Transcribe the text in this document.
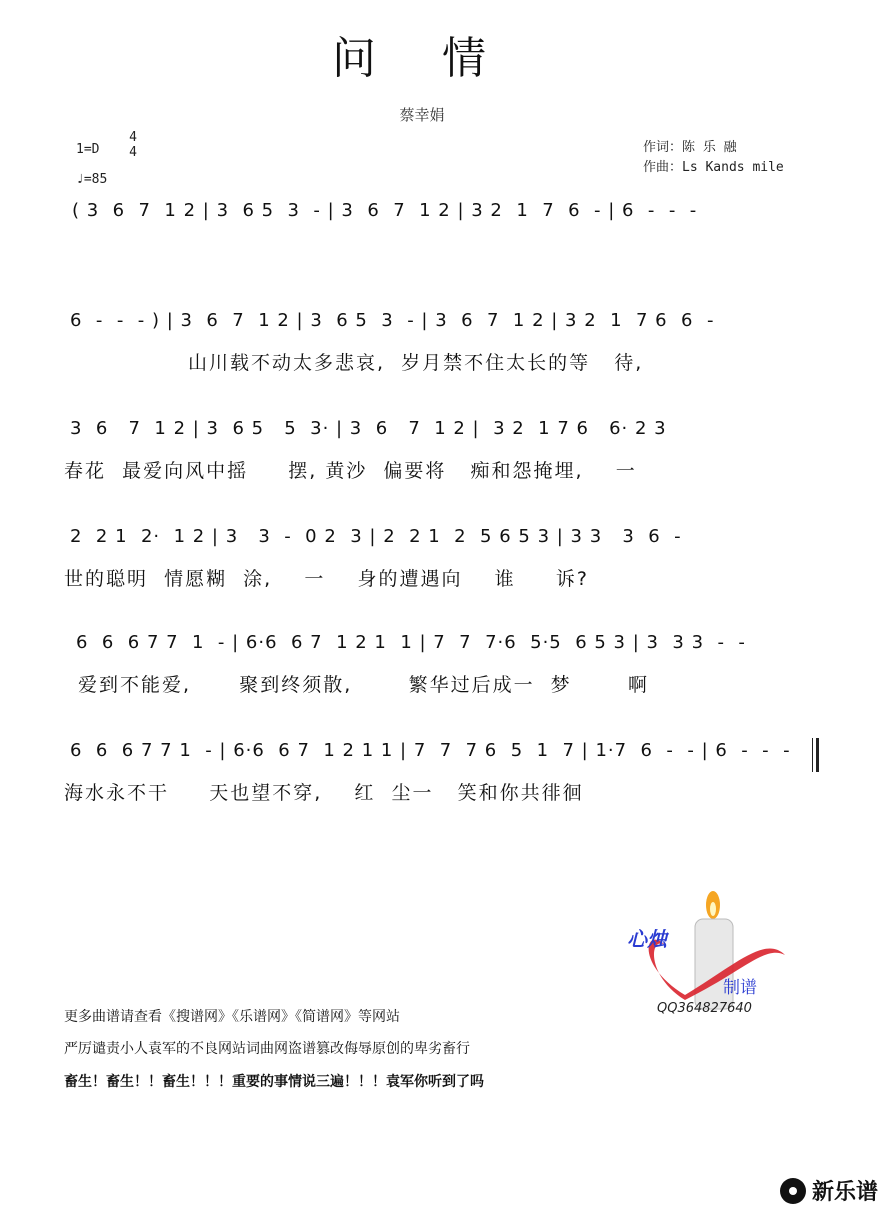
问 情
蔡幸娟
1=D
4
4
♩=85
作词：陈 乐 融
作曲：Ls Kands mile
( 3  6  7  1 2 | 3  6 5  3  - | 3  6  7  1 2 | 3 2  1  7  6  - | 6  -  -  -
6  -  -  - ) | 3  6  7  1 2 | 3  6 5  3  - | 3  6  7  1 2 | 3 2  1  7 6  6  -
山川载不动太多悲哀,  岁月禁不住太长的等   待,
3  6   7  1 2 | 3  6 5   5  3· | 3  6   7  1 2 |  3 2  1 7 6   6· 2 3
春花  最爱向风中摇     摆, 黄沙  偏要将   痴和怨掩埋,    一
2  2 1  2·  1 2 | 3   3  -  0 2  3 | 2  2 1  2  5 6 5 3 | 3 3   3  6  -
世的聪明  情愿糊  涂,    一    身的遭遇向    谁     诉?
6  6  6 7 7  1  - | 6·6  6 7  1 2 1  1 | 7  7  7·6  5·5  6 5 3 | 3  3 3  -  -
爱到不能爱,      聚到终须散,       繁华过后成一  梦       啊
6  6  6 7 7 1  - | 6·6  6 7  1 2 1 1 | 7  7  7 6  5  1  7 | 1·7  6  -  - | 6  -  -  -
海水永不干     天也望不穿,    红  尘一   笑和你共徘徊
心烛
制谱
QQ364827640
更多曲谱请查看《搜谱网》《乐谱网》《简谱网》等网站
严厉谴责小人袁军的不良网站词曲网盗谱篡改侮辱原创的卑劣畜行
畜生！畜生！！畜生！！！重要的事情说三遍！！！袁军你听到了吗
新乐谱
